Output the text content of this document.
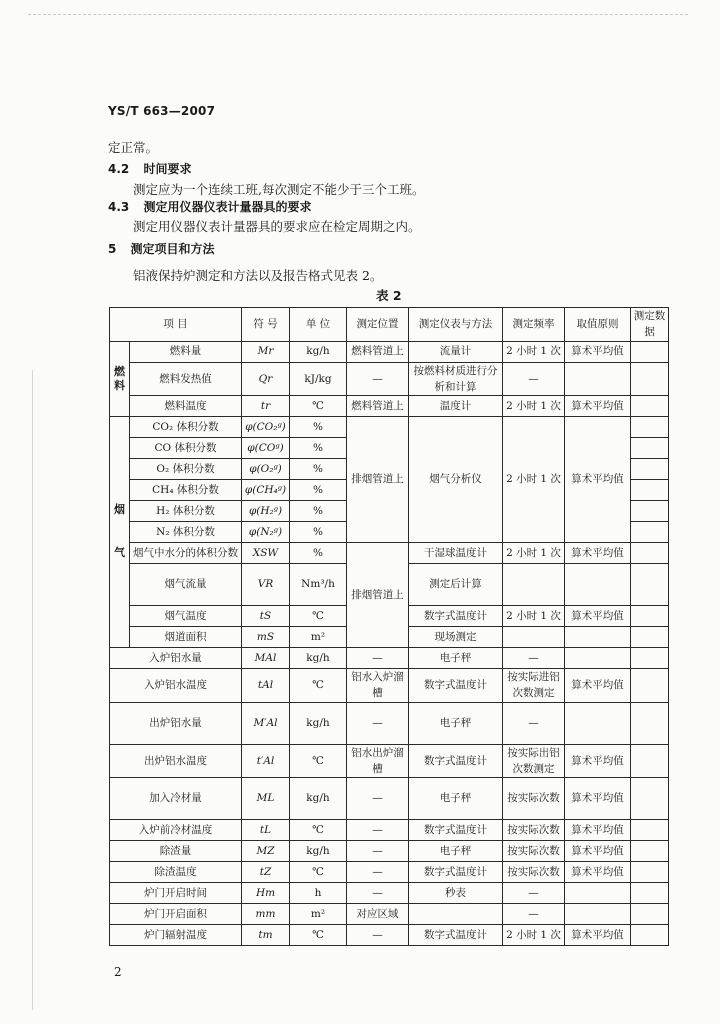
YS/T 663—2007
定正常。
4.2 时间要求
测定应为一个连续工班,每次测定不能少于三个工班。
4.3 测定用仪器仪表计量器具的要求
测定用仪器仪表计量器具的要求应在检定周期之内。
5 测定项目和方法
铝液保持炉测定和方法以及报告格式见表 2。
表 2
项 目		符 号	单 位	测定位置	测定仪表与方法	测定频率	取值原则	测定数据
燃
料	燃料量	Mr	kg/h	燃料管道上	流量计	2 小时 1 次	算术平均值	
	燃料发热值	Qr	kJ/kg	—	按燃料材质进行分析和计算	—		
	燃料温度	tr	℃	燃料管道上	温度计	2 小时 1 次	算术平均值	
烟

气	CO₂ 体积分数	φ(CO₂ᵍ)	%	排烟管道上	烟气分析仪	2 小时 1 次	算术平均值	
	CO 体积分数	φ(COᵍ)	%					
	O₂ 体积分数	φ(O₂ᵍ)	%					
	CH₄ 体积分数	φ(CH₄ᵍ)	%					
	H₂ 体积分数	φ(H₂ᵍ)	%					
	N₂ 体积分数	φ(N₂ᵍ)	%					
	烟气中水分的体积分数	XSW	%	排烟管道上	干湿球温度计	2 小时 1 次	算术平均值	
	烟气流量	VR	Nm³/h		测定后计算			
	烟气温度	tS	℃		数字式温度计	2 小时 1 次	算术平均值	
	烟道面积	mS	m²		现场测定			
入炉铝水量		MAl	kg/h	—	电子秤	—		
入炉铝水温度		tAl	℃	铝水入炉溜槽	数字式温度计	按实际进铝次数测定	算术平均值	
出炉铝水量		M′Al	kg/h	—	电子秤	—		
出炉铝水温度		t′Al	℃	铝水出炉溜槽	数字式温度计	按实际出铝次数测定	算术平均值	
加入冷材量		ML	kg/h	—	电子秤	按实际次数	算术平均值	
入炉前冷材温度		tL	℃	—	数字式温度计	按实际次数	算术平均值	
除渣量		MZ	kg/h	—	电子秤	按实际次数	算术平均值	
除渣温度		tZ	℃	—	数字式温度计	按实际次数	算术平均值	
炉门开启时间		Hm	h	—	秒表	—		
炉门开启面积		mm	m²	对应区域		—		
炉门辐射温度		tm	℃	—	数字式温度计	2 小时 1 次	算术平均值	
2
